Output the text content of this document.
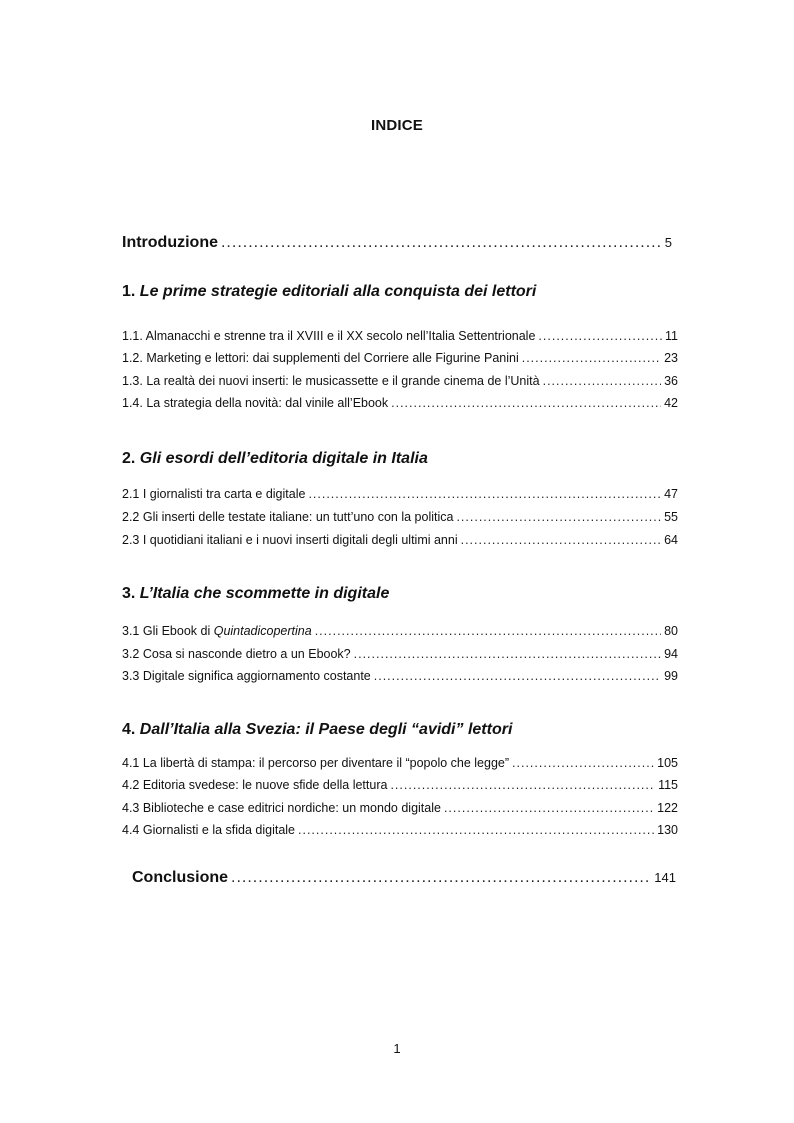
INDICE
Introduzione .....	5
1. Le prime strategie editoriali alla conquista dei lettori
1.1. Almanacchi e strenne tra il XVIII e il XX secolo nell’Italia Settentrionale .....	11
1.2. Marketing e lettori: dai supplementi del Corriere alle Figurine Panini .....	23
1.3. La realtà dei nuovi inserti: le musicassette e il grande cinema de l’Unità .....	36
1.4. La strategia della novità: dal vinile all’Ebook .....	42
2. Gli esordi dell’editoria digitale in Italia
2.1 I giornalisti tra carta e digitale .....	47
2.2 Gli inserti delle testate italiane: un tutt’uno con la politica .....	55
2.3 I quotidiani italiani e i nuovi inserti digitali degli ultimi anni .....	64
3. L’Italia che scommette in digitale
3.1 Gli Ebook di Quintadicopertina .....	80
3.2 Cosa si nasconde dietro a un Ebook? .....	94
3.3 Digitale significa aggiornamento costante .....	99
4. Dall’Italia alla Svezia: il Paese degli “avidi” lettori
4.1 La libertà di stampa: il percorso per diventare il “popolo che legge” .....	105
4.2 Editoria svedese: le nuove sfide della lettura .....	115
4.3 Biblioteche e case editrici nordiche: un mondo digitale .....	122
4.4 Giornalisti e la sfida digitale .....	130
Conclusione .....	141
1
